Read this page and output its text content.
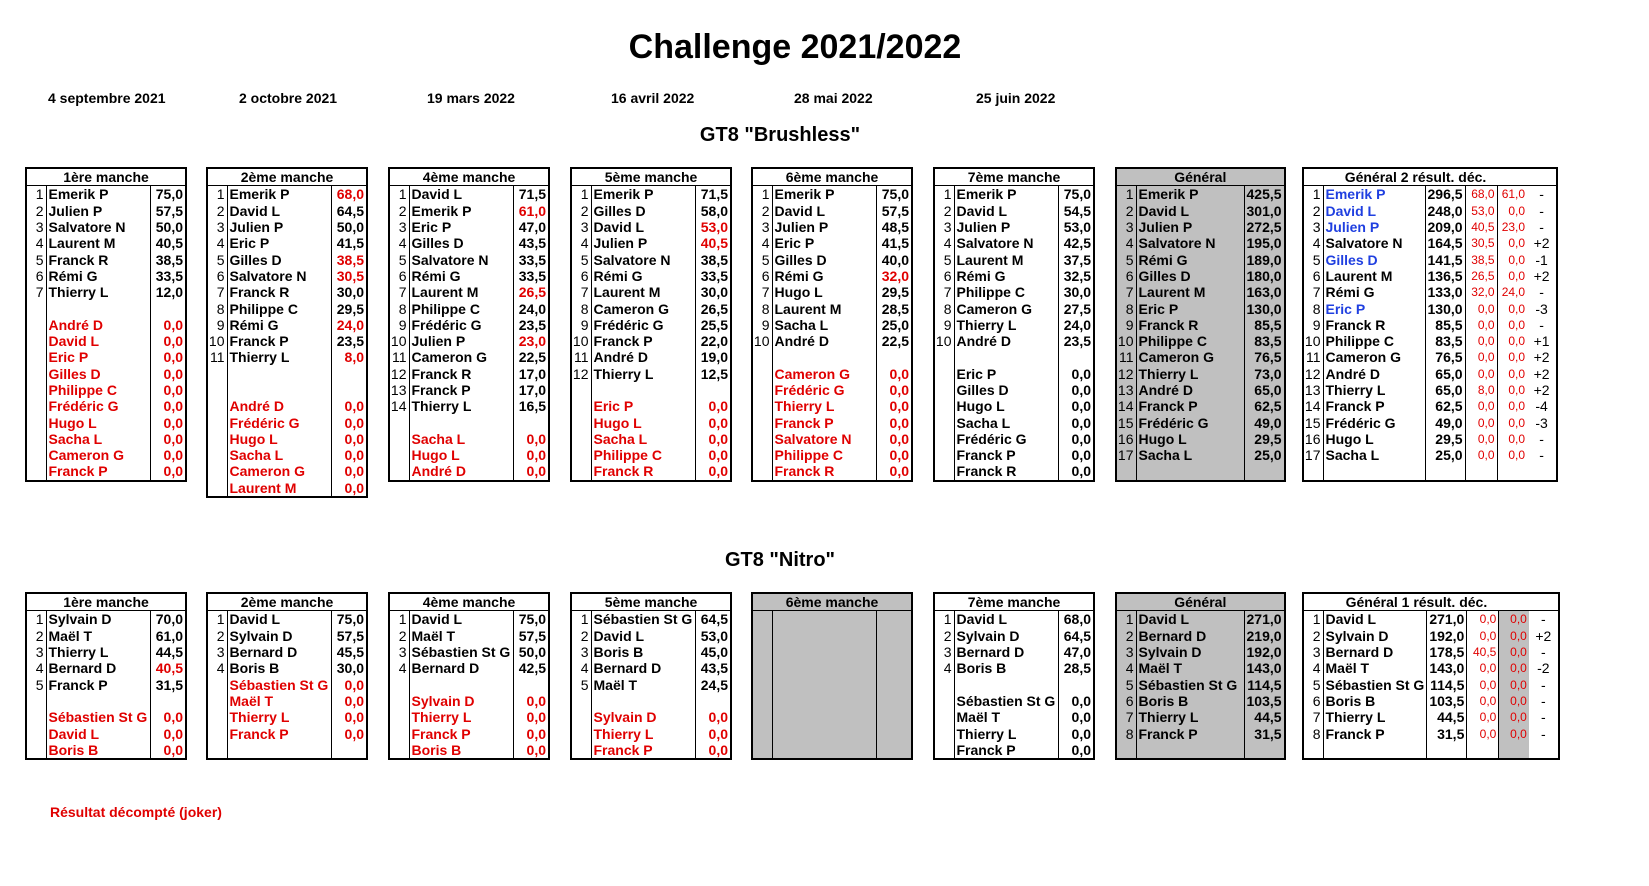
Challenge 2021/2022
4 septembre 2021	2 octobre 2021	19 mars 2022	16 avril 2022	28 mai 2022	25 juin 2022
GT8 "Brushless"
GT8 "Nitro"
1ère manche		
1	Emerik P	75,0
2	Julien P	57,5
3	Salvatore N	50,0
4	Laurent M	40,5
5	Franck R	38,5
6	Rémi G	33,5
7	Thierry L	12,0

	André D	0,0
	David L	0,0
	Eric P	0,0
	Gilles D	0,0
	Philippe C	0,0
	Frédéric G	0,0
	Hugo L	0,0
	Sacha L	0,0
	Cameron G	0,0
	Franck P	0,0
2ème manche		
1	Emerik P	68,0
2	David L	64,5
3	Julien P	50,0
4	Eric P	41,5
5	Gilles D	38,5
6	Salvatore N	30,5
7	Franck R	30,0
8	Philippe C	29,5
9	Rémi G	24,0
10	Franck P	23,5
11	Thierry L	8,0

	André D	0,0
	Frédéric G	0,0
	Hugo L	0,0
	Sacha L	0,0
	Cameron G	0,0
	Laurent M	0,0
4ème manche		
1	David L	71,5
2	Emerik P	61,0
3	Eric P	47,0
4	Gilles D	43,5
5	Salvatore N	33,5
6	Rémi G	33,5
7	Laurent M	26,5
8	Philippe C	24,0
9	Frédéric G	23,5
10	Julien P	23,0
11	Cameron G	22,5
12	Franck R	17,0
13	Franck P	17,0
14	Thierry L	16,5

	Sacha L	0,0
	Hugo L	0,0
	André D	0,0
5ème manche		
1	Emerik P	71,5
2	Gilles D	58,0
3	David L	53,0
4	Julien P	40,5
5	Salvatore N	38,5
6	Rémi G	33,5
7	Laurent M	30,0
8	Cameron G	26,5
9	Frédéric G	25,5
10	Franck P	22,0
11	André D	19,0
12	Thierry L	12,5

	Eric P	0,0
	Hugo L	0,0
	Sacha L	0,0
	Philippe C	0,0
	Franck R	0,0
6ème manche		
1	Emerik P	75,0
2	David L	57,5
3	Julien P	48,5
4	Eric P	41,5
5	Gilles D	40,0
6	Rémi G	32,0
7	Hugo L	29,5
8	Laurent M	28,5
9	Sacha L	25,0
10	André D	22,5

	Cameron G	0,0
	Frédéric G	0,0
	Thierry L	0,0
	Franck P	0,0
	Salvatore N	0,0
	Philippe C	0,0
	Franck R	0,0
7ème manche		
1	Emerik P	75,0
2	David L	54,5
3	Julien P	53,0
4	Salvatore N	42,5
5	Laurent M	37,5
6	Rémi G	32,5
7	Philippe C	30,0
8	Cameron G	27,5
9	Thierry L	24,0
10	André D	23,5

	Eric P	0,0
	Gilles D	0,0
	Hugo L	0,0
	Sacha L	0,0
	Frédéric G	0,0
	Franck P	0,0
	Franck R	0,0
Général		
1	Emerik P	425,5
2	David L	301,0
3	Julien P	272,5
4	Salvatore N	195,0
5	Rémi G	189,0
6	Gilles D	180,0
7	Laurent M	163,0
8	Eric P	130,0
9	Franck R	85,5
10	Philippe C	83,5
11	Cameron G	76,5
12	Thierry L	73,0
13	André D	65,0
14	Franck P	62,5
15	Frédéric G	49,0
16	Hugo L	29,5
17	Sacha L	25,0

Général 2 résult. déc.					
1	Emerik P	296,5	68,0	61,0	-
2	David L	248,0	53,0	0,0	-
3	Julien P	209,0	40,5	23,0	-
4	Salvatore N	164,5	30,5	0,0	+2
5	Gilles D	141,5	38,5	0,0	-1
6	Laurent M	136,5	26,5	0,0	+2
7	Rémi G	133,0	32,0	24,0	-
8	Eric P	130,0	0,0	0,0	-3
9	Franck R	85,5	0,0	0,0	-
10	Philippe C	83,5	0,0	0,0	+1
11	Cameron G	76,5	0,0	0,0	+2
12	André D	65,0	0,0	0,0	+2
13	Thierry L	65,0	8,0	0,0	+2
14	Franck P	62,5	0,0	0,0	-4
15	Frédéric G	49,0	0,0	0,0	-3
16	Hugo L	29,5	0,0	0,0	-
17	Sacha L	25,0	0,0	0,0	-

1ère manche		
1	Sylvain D	70,0
2	Maël T	61,0
3	Thierry L	44,5
4	Bernard D	40,5
5	Franck P	31,5

	Sébastien St G	0,0
	David L	0,0
	Boris B	0,0
2ème manche		
1	David L	75,0
2	Sylvain D	57,5
3	Bernard D	45,5
4	Boris B	30,0
	Sébastien St G	0,0
	Maël T	0,0
	Thierry L	0,0
	Franck P	0,0

4ème manche		
1	David L	75,0
2	Maël T	57,5
3	Sébastien St G	50,0
4	Bernard D	42,5

	Sylvain D	0,0
	Thierry L	0,0
	Franck P	0,0
	Boris B	0,0
5ème manche		
1	Sébastien St G	64,5
2	David L	53,0
3	Boris B	45,0
4	Bernard D	43,5
5	Maël T	24,5

	Sylvain D	0,0
	Thierry L	0,0
	Franck P	0,0
6ème manche		

			7ème manche		
1	David L	68,0
2	Sylvain D	64,5
3	Bernard D	47,0
4	Boris B	28,5

	Sébastien St G	0,0
	Maël T	0,0
	Thierry L	0,0
	Franck P	0,0
Général		
1	David L	271,0
2	Bernard D	219,0
3	Sylvain D	192,0
4	Maël T	143,0
5	Sébastien St G	114,5
6	Boris B	103,5
7	Thierry L	44,5
8	Franck P	31,5

Général 1 résult. déc.					
1	David L	271,0	0,0	0,0	-
2	Sylvain D	192,0	0,0	0,0	+2
3	Bernard D	178,5	40,5	0,0	-
4	Maël T	143,0	0,0	0,0	-2
5	Sébastien St G	114,5	0,0	0,0	-
6	Boris B	103,5	0,0	0,0	-
7	Thierry L	44,5	0,0	0,0	-
8	Franck P	31,5	0,0	0,0	-

Résultat décompté (joker)
